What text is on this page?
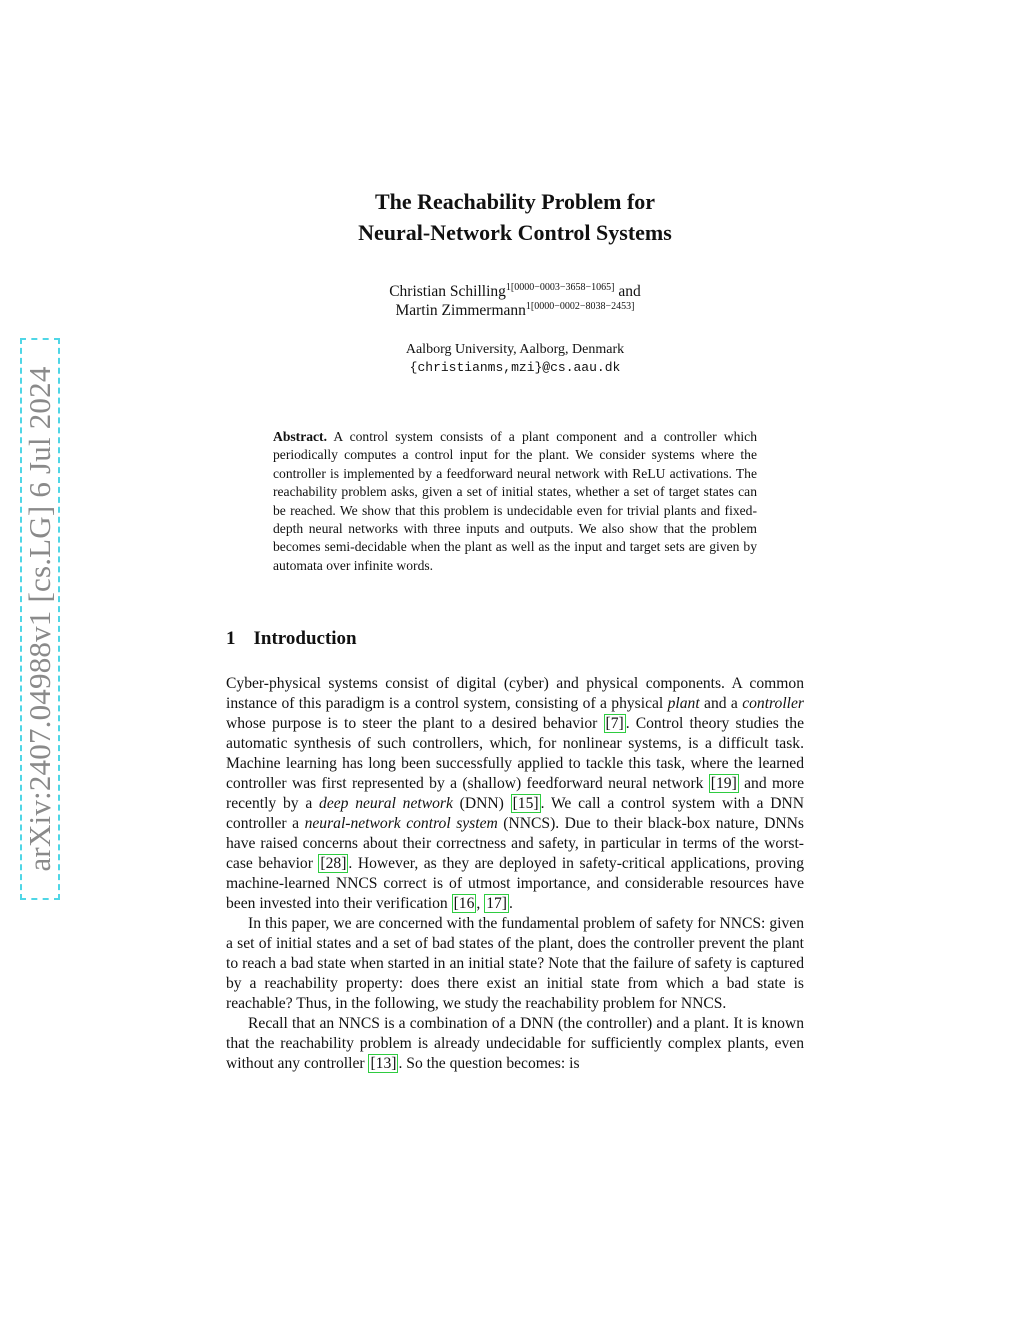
arXiv:2407.04988v1 [cs.LG] 6 Jul 2024
The Reachability Problem for
Neural-Network Control Systems
Christian Schilling$^{1[0000-0003-3658-1065]}$ and
Martin Zimmermann$^{1[0000-0002-8038-2453]}$
Aalborg University, Aalborg, Denmark
{christianms,mzi}@cs.aau.dk
Abstract. A control system consists of a plant component and a controller which periodically computes a control input for the plant. We consider systems where the controller is implemented by a feedforward neural network with ReLU activations. The reachability problem asks, given a set of initial states, whether a set of target states can be reached. We show that this problem is undecidable even for trivial plants and fixed-depth neural networks with three inputs and outputs. We also show that the problem becomes semi-decidable when the plant as well as the input and target sets are given by automata over infinite words.
1 Introduction

Cyber-physical systems consist of digital (cyber) and physical components. A common instance of this paradigm is a control system, consisting of a physical plant and a controller whose purpose is to steer the plant to a desired behavior [7] . Control theory studies the automatic synthesis of such controllers, which, for nonlinear systems, is a difficult task. Machine learning has long been successfully applied to tackle this task, where the learned controller was first represented by a (shallow) feedforward neural network [19] and more recently by a deep neural network (DNN) [15] . We call a control system with a DNN controller a neural-network control system (NNCS). Due to their black-box nature, DNNs have raised concerns about their correctness and safety, in particular in terms of the worst-case behavior [28] . However, as they are deployed in safety-critical applications, proving machine-learned NNCS correct is of utmost importance, and considerable resources have been invested into their verification [16 , 17] .

In this paper, we are concerned with the fundamental problem of safety for NNCS: given a set of initial states and a set of bad states of the plant, does the controller prevent the plant to reach a bad state when started in an initial state? Note that the failure of safety is captured by a reachability property: does there exist an initial state from which a bad state is reachable? Thus, in the following, we study the reachability problem for NNCS.

Recall that an NNCS is a combination of a DNN (the controller) and a plant. It is known that the reachability problem is already undecidable for sufficiently complex plants, even without any controller [13] . So the question becomes: is
